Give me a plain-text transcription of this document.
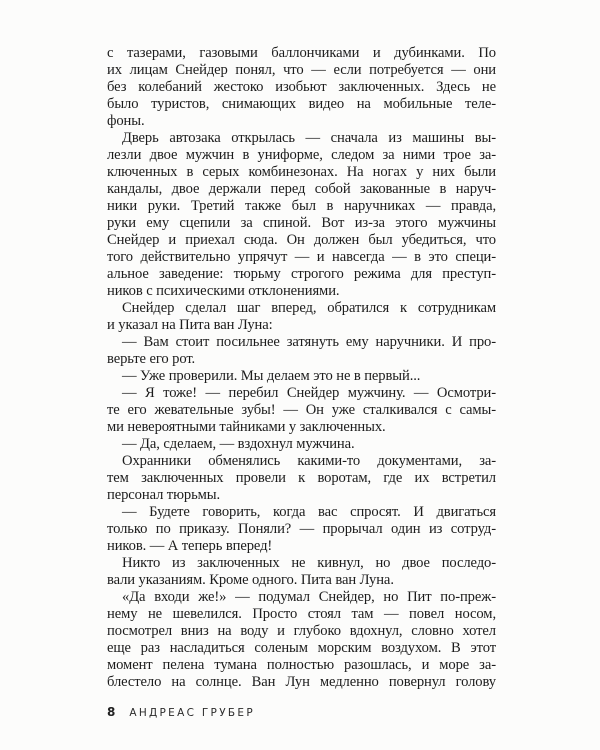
с тазерами, газовыми баллончиками и дубинками. По
их лицам Снейдер понял, что — если потребуется — они
без колебаний жестоко изобьют заключенных. Здесь не
было туристов, снимающих видео на мобильные теле-
фоны.
Дверь автозака открылась — сначала из машины вы-
лезли двое мужчин в униформе, следом за ними трое за-
ключенных в серых комбинезонах. На ногах у них были
кандалы, двое держали перед собой закованные в наруч-
ники руки. Третий также был в наручниках — правда,
руки ему сцепили за спиной. Вот из-за этого мужчины
Снейдер и приехал сюда. Он должен был убедиться, что
того действительно упрячут — и навсегда — в это специ-
альное заведение: тюрьму строгого режима для преступ-
ников с психическими отклонениями.
Снейдер сделал шаг вперед, обратился к сотрудникам
и указал на Пита ван Луна:
— Вам стоит посильнее затянуть ему наручники. И про-
верьте его рот.
— Уже проверили. Мы делаем это не в первый...
— Я тоже! — перебил Снейдер мужчину. — Осмотри-
те его жевательные зубы! — Он уже сталкивался с самы-
ми невероятными тайниками у заключенных.
— Да, сделаем, — вздохнул мужчина.
Охранники обменялись какими-то документами, за-
тем заключенных провели к воротам, где их встретил
персонал тюрьмы.
— Будете говорить, когда вас спросят. И двигаться
только по приказу. Поняли? — прорычал один из сотруд-
ников. — А теперь вперед!
Никто из заключенных не кивнул, но двое последо-
вали указаниям. Кроме одного. Пита ван Луна.
«Да входи же!» — подумал Снейдер, но Пит по-преж-
нему не шевелился. Просто стоял там — повел носом,
посмотрел вниз на воду и глубоко вдохнул, словно хотел
еще раз насладиться соленым морским воздухом. В этот
момент пелена тумана полностью разошлась, и море за-
блестело на солнце. Ван Лун медленно повернул голову
8 АНДРЕАС ГРУБЕР
